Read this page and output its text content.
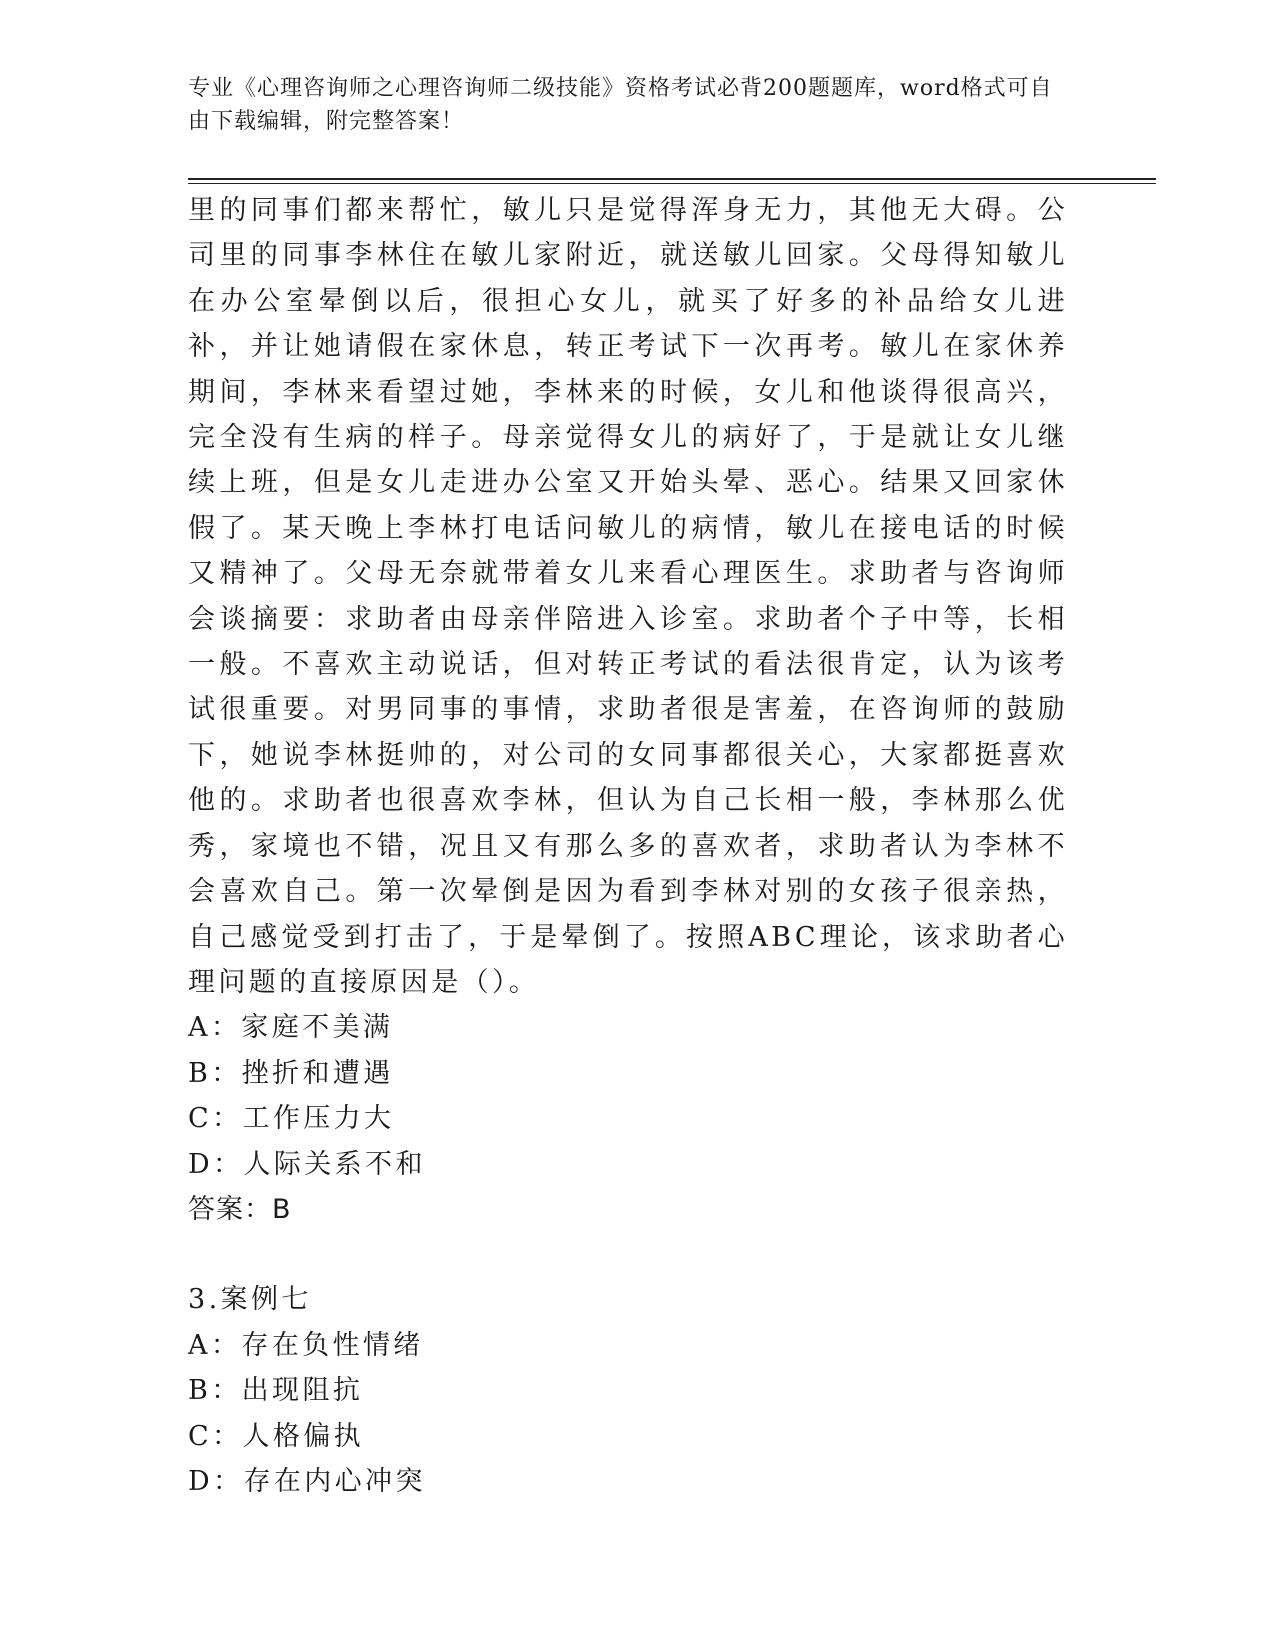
专业《心理咨询师之心理咨询师二级技能》资格考试必背200题题库，word格式可自由下载编辑，附完整答案！

里的同事们都来帮忙，敏儿只是觉得浑身无力，其他无大碍。公司里的同事李林住在敏儿家附近，就送敏儿回家。父母得知敏儿在办公室晕倒以后，很担心女儿，就买了好多的补品给女儿进补，并让她请假在家休息，转正考试下一次再考。敏儿在家休养期间，李林来看望过她，李林来的时候，女儿和他谈得很高兴，完全没有生病的样子。母亲觉得女儿的病好了，于是就让女儿继续上班，但是女儿走进办公室又开始头晕、恶心。结果又回家休假了。某天晚上李林打电话问敏儿的病情，敏儿在接电话的时候又精神了。父母无奈就带着女儿来看心理医生。求助者与咨询师会谈摘要：求助者由母亲伴陪进入诊室。求助者个子中等，长相一般。不喜欢主动说话，但对转正考试的看法很肯定，认为该考试很重要。对男同事的事情，求助者很是害羞，在咨询师的鼓励下，她说李林挺帅的，对公司的女同事都很关心，大家都挺喜欢他的。求助者也很喜欢李林，但认为自己长相一般，李林那么优秀，家境也不错，况且又有那么多的喜欢者，求助者认为李林不会喜欢自己。第一次晕倒是因为看到李林对别的女孩子很亲热，自己感觉受到打击了，于是晕倒了。按照ABC理论，该求助者心理问题的直接原因是（）。

A：家庭不美满
B：挫折和遭遇
C：工作压力大
D：人际关系不和
答案：B
3.案例七
A：存在负性情绪
B：出现阻抗
C：人格偏执
D：存在内心冲突
